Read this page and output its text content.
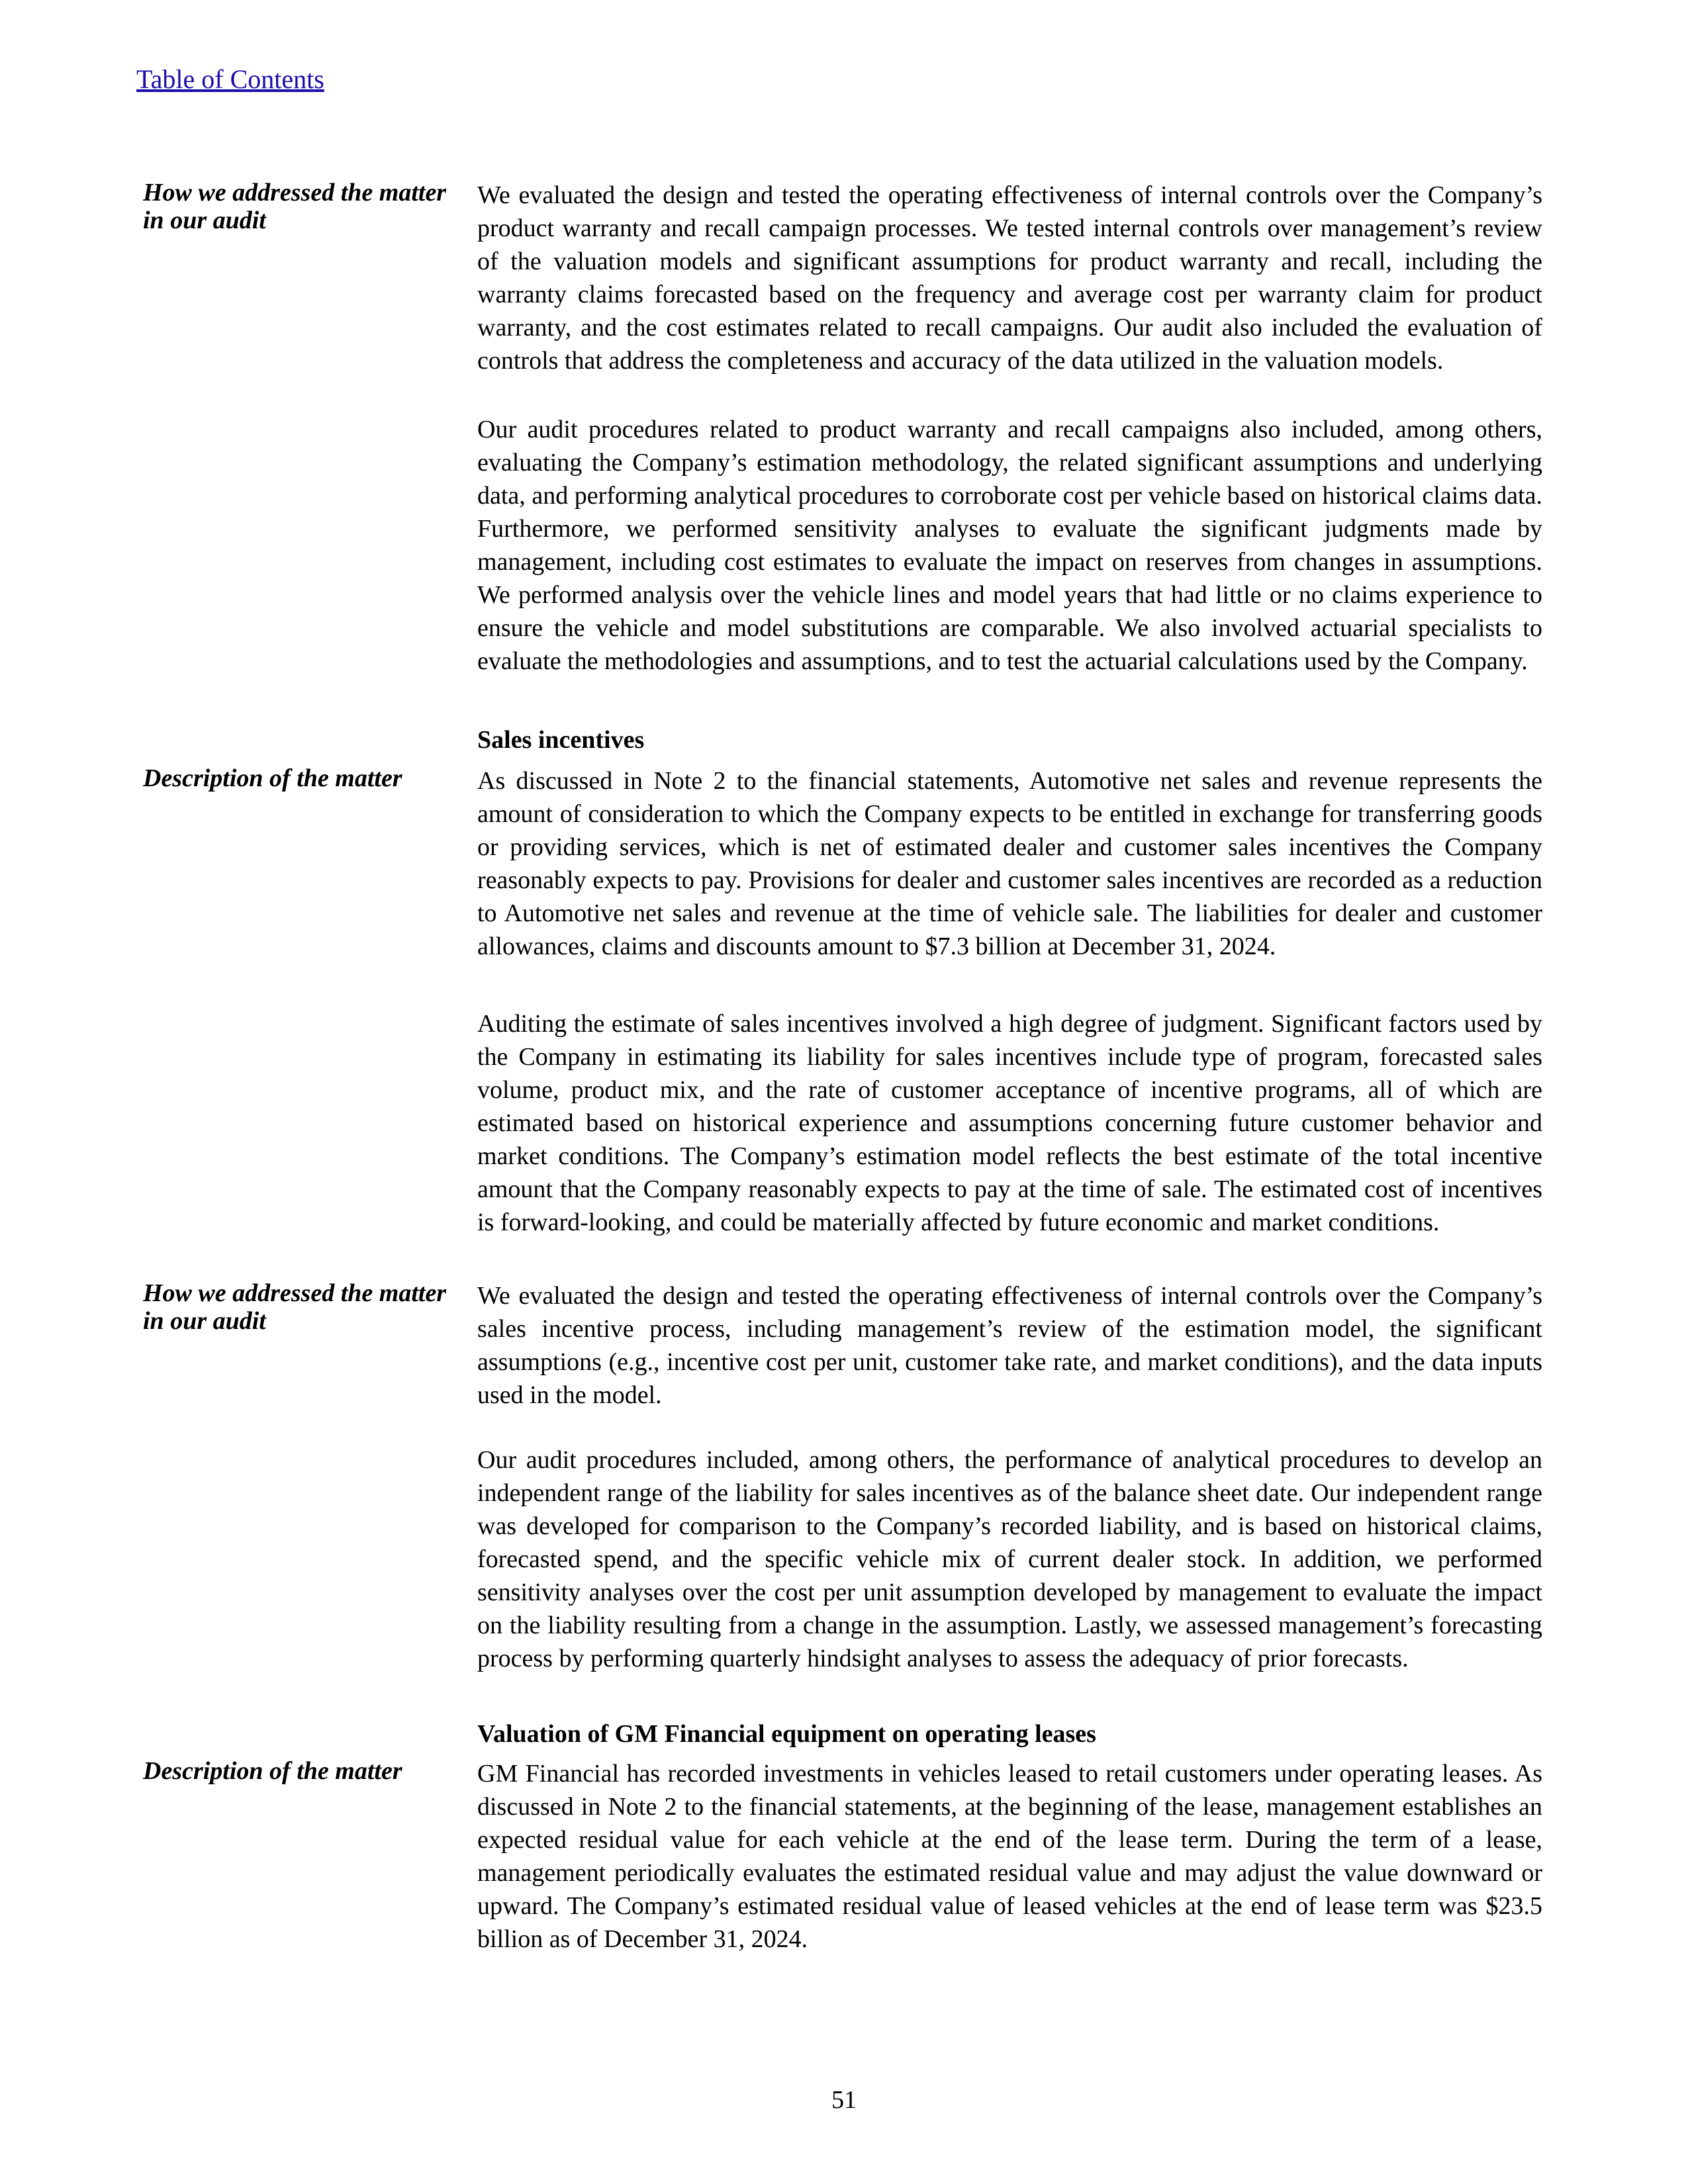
Table of Contents
How we addressed the matter in our audit
We evaluated the design and tested the operating effectiveness of internal controls over the Company’s product warranty and recall campaign processes. We tested internal controls over management’s review of the valuation models and significant assumptions for product warranty and recall, including the warranty claims forecasted based on the frequency and average cost per warranty claim for product warranty, and the cost estimates related to recall campaigns. Our audit also included the evaluation of controls that address the completeness and accuracy of the data utilized in the valuation models.
Our audit procedures related to product warranty and recall campaigns also included, among others, evaluating the Company’s estimation methodology, the related significant assumptions and underlying data, and performing analytical procedures to corroborate cost per vehicle based on historical claims data. Furthermore, we performed sensitivity analyses to evaluate the significant judgments made by management, including cost estimates to evaluate the impact on reserves from changes in assumptions. We performed analysis over the vehicle lines and model years that had little or no claims experience to ensure the vehicle and model substitutions are comparable. We also involved actuarial specialists to evaluate the methodologies and assumptions, and to test the actuarial calculations used by the Company.
Sales incentives
Description of the matter	As discussed in Note 2 to the financial statements, Automotive net sales and revenue represents the amount of consideration to which the Company expects to be entitled in exchange for transferring goods or providing services, which is net of estimated dealer and customer sales incentives the Company reasonably expects to pay. Provisions for dealer and customer sales incentives are recorded as a reduction to Automotive net sales and revenue at the time of vehicle sale. The liabilities for dealer and customer allowances, claims and discounts amount to $7.3 billion at December 31, 2024.
Auditing the estimate of sales incentives involved a high degree of judgment. Significant factors used by the Company in estimating its liability for sales incentives include type of program, forecasted sales volume, product mix, and the rate of customer acceptance of incentive programs, all of which are estimated based on historical experience and assumptions concerning future customer behavior and market conditions. The Company’s estimation model reflects the best estimate of the total incentive amount that the Company reasonably expects to pay at the time of sale. The estimated cost of incentives is forward-looking, and could be materially affected by future economic and market conditions.
How we addressed the matter in our audit
We evaluated the design and tested the operating effectiveness of internal controls over the Company’s sales incentive process, including management’s review of the estimation model, the significant assumptions (e.g., incentive cost per unit, customer take rate, and market conditions), and the data inputs used in the model.
Our audit procedures included, among others, the performance of analytical procedures to develop an independent range of the liability for sales incentives as of the balance sheet date. Our independent range was developed for comparison to the Company’s recorded liability, and is based on historical claims, forecasted spend, and the specific vehicle mix of current dealer stock. In addition, we performed sensitivity analyses over the cost per unit assumption developed by management to evaluate the impact on the liability resulting from a change in the assumption. Lastly, we assessed management’s forecasting process by performing quarterly hindsight analyses to assess the adequacy of prior forecasts.
Valuation of GM Financial equipment on operating leases
Description of the matter	GM Financial has recorded investments in vehicles leased to retail customers under operating leases. As discussed in Note 2 to the financial statements, at the beginning of the lease, management establishes an expected residual value for each vehicle at the end of the lease term. During the term of a lease, management periodically evaluates the estimated residual value and may adjust the value downward or upward. The Company’s estimated residual value of leased vehicles at the end of lease term was $23.5 billion as of December 31, 2024.
51
